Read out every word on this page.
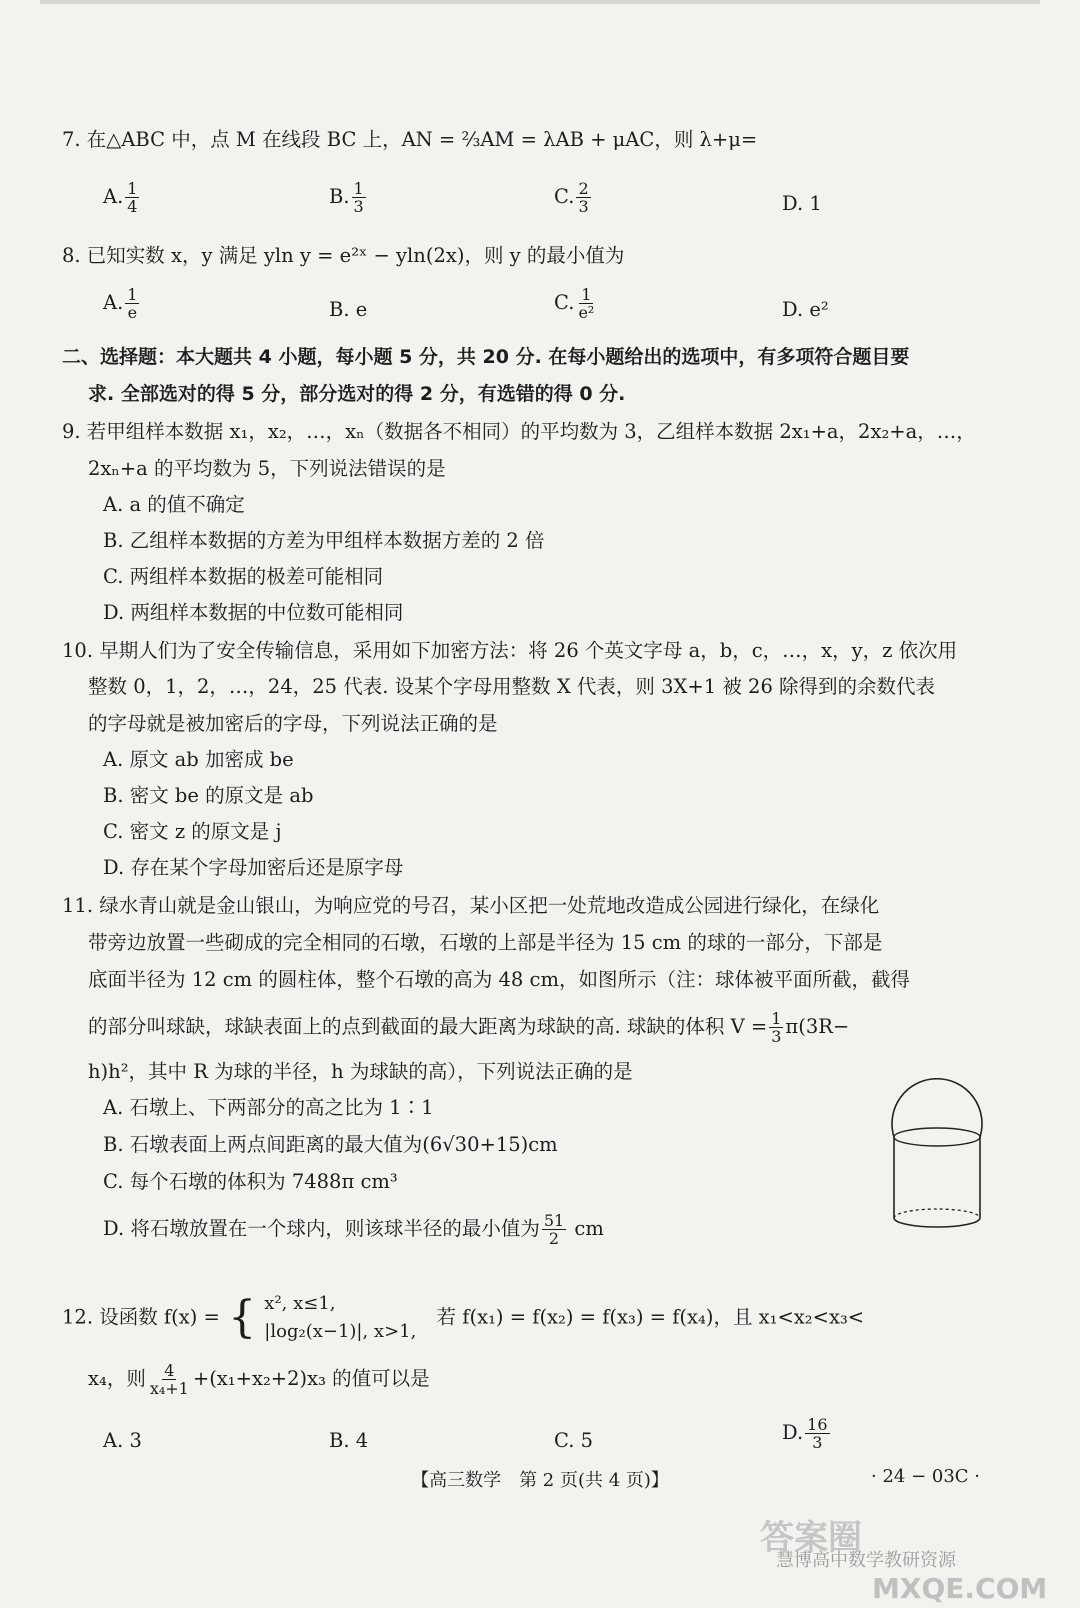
7. 在△ABC 中，点 M 在线段 BC 上，AN = ⅔AM = λAB + μAC，则 λ+μ=
A. $\frac{1}{4}$	B. $\frac{1}{3}$	C. $\frac{2}{3}$	D. 1
8. 已知实数 x，y 满足 yln y = e²ˣ − yln(2x)，则 y 的最小值为
A. $\frac{1}{e}$	B. e	C. $\frac{1}{\text{e²}}$	D. e²
二、选择题：本大题共 4 小题，每小题 5 分，共 20 分. 在每小题给出的选项中，有多项符合题目要
求. 全部选对的得 5 分，部分选对的得 2 分，有选错的得 0 分.
9. 若甲组样本数据 x₁，x₂，…，xₙ（数据各不相同）的平均数为 3，乙组样本数据 2x₁+a，2x₂+a，…，
2xₙ+a 的平均数为 5，下列说法错误的是
A. a 的值不确定
B. 乙组样本数据的方差为甲组样本数据方差的 2 倍
C. 两组样本数据的极差可能相同
D. 两组样本数据的中位数可能相同
10. 早期人们为了安全传输信息，采用如下加密方法：将 26 个英文字母 a，b，c，…，x，y，z 依次用
整数 0，1，2，…，24，25 代表. 设某个字母用整数 X 代表，则 3X+1 被 26 除得到的余数代表
的字母就是被加密后的字母，下列说法正确的是
A. 原文 ab 加密成 be
B. 密文 be 的原文是 ab
C. 密文 z 的原文是 j
D. 存在某个字母加密后还是原字母
11. 绿水青山就是金山银山，为响应党的号召，某小区把一处荒地改造成公园进行绿化，在绿化
带旁边放置一些砌成的完全相同的石墩，石墩的上部是半径为 15 cm 的球的一部分，下部是
底面半径为 12 cm 的圆柱体，整个石墩的高为 48 cm，如图所示（注：球体被平面所截，截得
的部分叫球缺，球缺表面上的点到截面的最大距离为球缺的高. 球缺的体积 $V = \frac{1}{3} \pi(3R-$
h)h²，其中 R 为球的半径，h 为球缺的高），下列说法正确的是
A. 石墩上、下两部分的高之比为 1∶1
B. 石墩表面上两点间距离的最大值为(6√30+15)cm
C. 每个石墩的体积为 7488π cm³
D. 将石墩放置在一个球内，则该球半径的最小值为 $\frac{51}{2}$ cm
12. 设函数 f(x) = { x², x≤1,
|log₂(x−1)|, x>1,
若 f(x₁) = f(x₂) = f(x₃) = f(x₄)，且 x₁<x₂<x₃<
x₄，则 $\frac{4}{\text{x₄+1}} +(x_1+x_2+2)x_3$ 的值可以是
A. 3	B. 4	C. 5	D. $\frac{16}{3}$
【高三数学　第 2 页(共 4 页)】	· 24 − 03C ·
答案圈
慧博高中数学教研资源
MXQE.COM
